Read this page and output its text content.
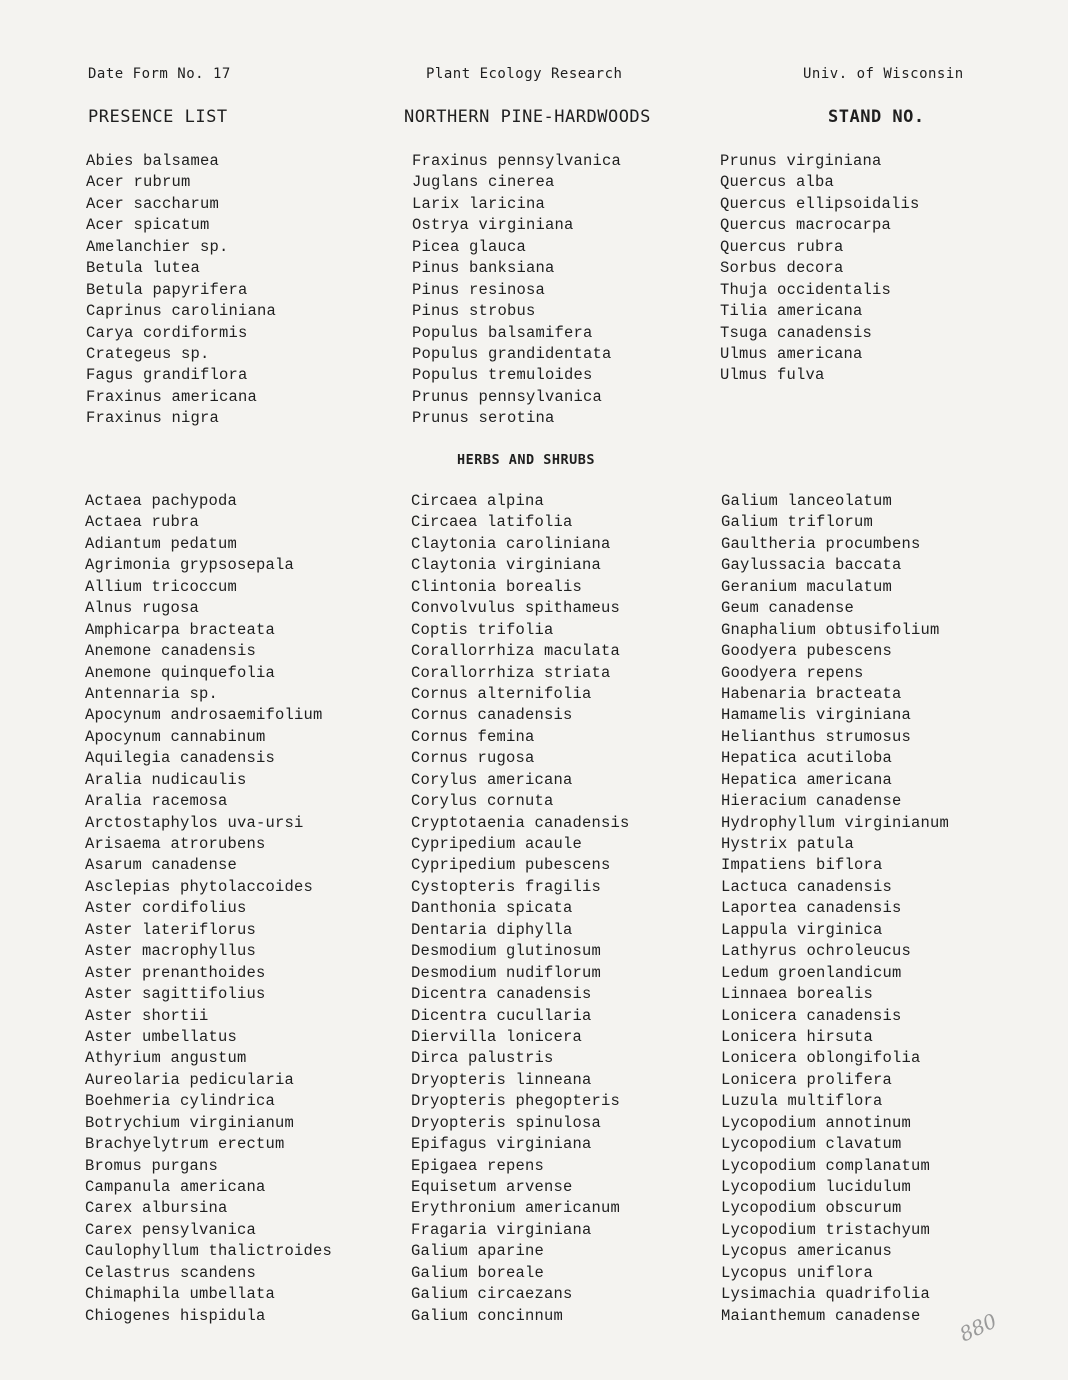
Date Form No. 17	Plant Ecology Research	Univ. of Wisconsin
PRESENCE LIST	NORTHERN PINE-HARDWOODS	STAND NO.
Abies balsamea
Acer rubrum
Acer saccharum
Acer spicatum
Amelanchier sp.
Betula lutea
Betula papyrifera
Caprinus caroliniana
Carya cordiformis
Crategeus sp.
Fagus grandiflora
Fraxinus americana
Fraxinus nigra
Fraxinus pennsylvanica
Juglans cinerea
Larix laricina
Ostrya virginiana
Picea glauca
Pinus banksiana
Pinus resinosa
Pinus strobus
Populus balsamifera
Populus grandidentata
Populus tremuloides
Prunus pennsylvanica
Prunus serotina
Prunus virginiana
Quercus alba
Quercus ellipsoidalis
Quercus macrocarpa
Quercus rubra
Sorbus decora
Thuja occidentalis
Tilia americana
Tsuga canadensis
Ulmus americana
Ulmus fulva
HERBS AND SHRUBS
Actaea pachypoda
Actaea rubra
Adiantum pedatum
Agrimonia grypsosepala
Allium tricoccum
Alnus rugosa
Amphicarpa bracteata
Anemone canadensis
Anemone quinquefolia
Antennaria sp.
Apocynum androsaemifolium
Apocynum cannabinum
Aquilegia canadensis
Aralia nudicaulis
Aralia racemosa
Arctostaphylos uva-ursi
Arisaema atrorubens
Asarum canadense
Asclepias phytolaccoides
Aster cordifolius
Aster lateriflorus
Aster macrophyllus
Aster prenanthoides
Aster sagittifolius
Aster shortii
Aster umbellatus
Athyrium angustum
Aureolaria pedicularia
Boehmeria cylindrica
Botrychium virginianum
Brachyelytrum erectum
Bromus purgans
Campanula americana
Carex albursina
Carex pensylvanica
Caulophyllum thalictroides
Celastrus scandens
Chimaphila umbellata
Chiogenes hispidula
Circaea alpina
Circaea latifolia
Claytonia caroliniana
Claytonia virginiana
Clintonia borealis
Convolvulus spithameus
Coptis trifolia
Corallorrhiza maculata
Corallorrhiza striata
Cornus alternifolia
Cornus canadensis
Cornus femina
Cornus rugosa
Corylus americana
Corylus cornuta
Cryptotaenia canadensis
Cypripedium acaule
Cypripedium pubescens
Cystopteris fragilis
Danthonia spicata
Dentaria diphylla
Desmodium glutinosum
Desmodium nudiflorum
Dicentra canadensis
Dicentra cucullaria
Diervilla lonicera
Dirca palustris
Dryopteris linneana
Dryopteris phegopteris
Dryopteris spinulosa
Epifagus virginiana
Epigaea repens
Equisetum arvense
Erythronium americanum
Fragaria virginiana
Galium aparine
Galium boreale
Galium circaezans
Galium concinnum
Galium lanceolatum
Galium triflorum
Gaultheria procumbens
Gaylussacia baccata
Geranium maculatum
Geum canadense
Gnaphalium obtusifolium
Goodyera pubescens
Goodyera repens
Habenaria bracteata
Hamamelis virginiana
Helianthus strumosus
Hepatica acutiloba
Hepatica americana
Hieracium canadense
Hydrophyllum virginianum
Hystrix patula
Impatiens biflora
Lactuca canadensis
Laportea canadensis
Lappula virginica
Lathyrus ochroleucus
Ledum groenlandicum
Linnaea borealis
Lonicera canadensis
Lonicera hirsuta
Lonicera oblongifolia
Lonicera prolifera
Luzula multiflora
Lycopodium annotinum
Lycopodium clavatum
Lycopodium complanatum
Lycopodium lucidulum
Lycopodium obscurum
Lycopodium tristachyum
Lycopus americanus
Lycopus uniflora
Lysimachia quadrifolia
Maianthemum canadense	880
